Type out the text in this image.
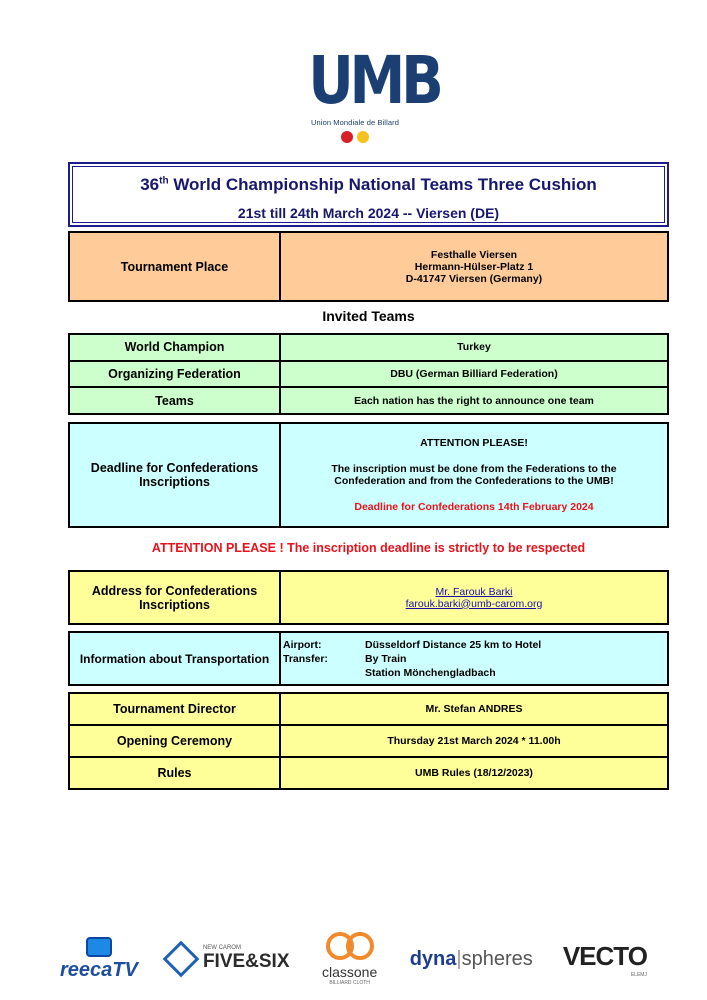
UMB
Union Mondiale de Billard
36th World Championship National Teams Three Cushion
21st till 24th March 2024 -- Viersen (DE)
Tournament Place	
Festhalle Viersen
Hermann-Hülser-Platz 1
D-41747 Viersen (Germany)
Invited Teams
World Champion	Turkey
Organizing Federation	DBU (German Billiard Federation)
Teams	Each nation has the right to announce one team
Deadline for Confederations Inscriptions	
ATTENTION PLEASE!
The inscription must be done from the Federations to the Confederation and from the Confederations to the UMB!
Deadline for Confederations 14th February 2024
ATTENTION PLEASE ! The inscription deadline is strictly to be respected
Address for Confederations Inscriptions	
Mr. Farouk Barki
farouk.barki@umb-carom.org
Information about Transportation	
Airport:	Düsseldorf Distance 25 km to Hotel
Transfer:	By Train
Station Mönchengladbach
Tournament Director	Mr. Stefan ANDRES
Opening Ceremony	Thursday 21st March 2024 * 11.00h
Rules	UMB Rules (18/12/2023)
reecaTV
NEW CAROM
FIVE&SIX classone
BILLIARD CLOTH
dyna|spheres VECTO
ELEMJ
